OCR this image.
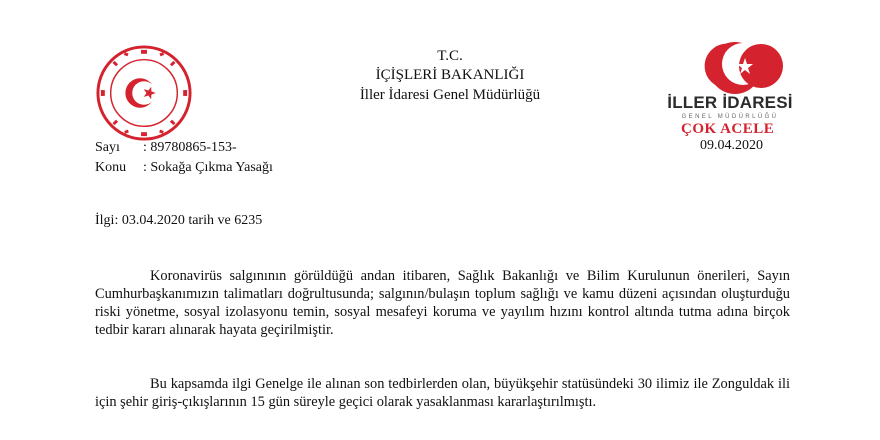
T.C.
İÇİŞLERİ BAKANLIĞI
İller İdaresi Genel Müdürlüğü	İLLER İDARESİ
GENEL MÜDÜRLÜĞÜ
ÇOK ACELE
09.04.2020
Sayı : 89780865-153-
Konu : Sokağa Çıkma Yasağı
İlgi: 03.04.2020 tarih ve 6235
Koronavirüs salgınının görüldüğü andan itibaren, Sağlık Bakanlığı ve Bilim Kurulunun önerileri, Sayın Cumhurbaşkanımızın talimatları doğrultusunda; salgının/bulaşın toplum sağlığı ve kamu düzeni açısından oluşturduğu riski yönetme, sosyal izolasyonu temin, sosyal mesafeyi koruma ve yayılım hızını kontrol altında tutma adına birçok tedbir kararı alınarak hayata geçirilmiştir.
Bu kapsamda ilgi Genelge ile alınan son tedbirlerden olan, büyükşehir statüsündeki 30 ilimiz ile Zonguldak ili için şehir giriş-çıkışlarının 15 gün süreyle geçici olarak yasaklanması kararlaştırılmıştı.
